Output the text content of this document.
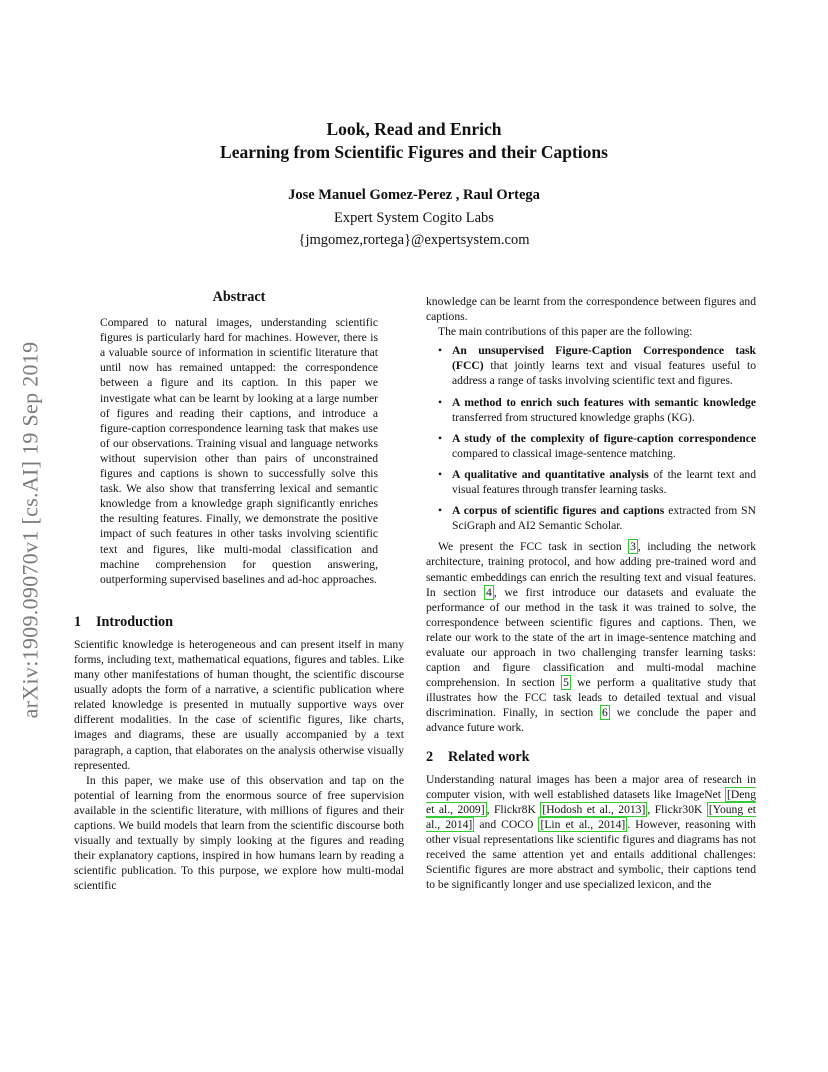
Look, Read and Enrich
Learning from Scientific Figures and their Captions
Jose Manuel Gomez-Perez , Raul Ortega
Expert System Cogito Labs
{jmgomez,rortega}@expertsystem.com
arXiv:1909.09070v1 [cs.AI] 19 Sep 2019
Abstract

Compared to natural images, understanding scientific figures is particularly hard for machines. However, there is a valuable source of information in scientific literature that until now has remained untapped: the correspondence between a figure and its caption. In this paper we investigate what can be learnt by looking at a large number of figures and reading their captions, and introduce a figure-caption correspondence learning task that makes use of our observations. Training visual and language networks without supervision other than pairs of unconstrained figures and captions is shown to successfully solve this task. We also show that transferring lexical and semantic knowledge from a knowledge graph significantly enriches the resulting features. Finally, we demonstrate the positive impact of such features in other tasks involving scientific text and figures, like multi-modal classification and machine comprehension for question answering, outperforming supervised baselines and ad-hoc approaches.

1 Introduction

Scientific knowledge is heterogeneous and can present itself in many forms, including text, mathematical equations, figures and tables. Like many other manifestations of human thought, the scientific discourse usually adopts the form of a narrative, a scientific publication where related knowledge is presented in mutually supportive ways over different modalities. In the case of scientific figures, like charts, images and diagrams, these are usually accompanied by a text paragraph, a caption, that elaborates on the analysis otherwise visually represented.

In this paper, we make use of this observation and tap on the potential of learning from the enormous source of free supervision available in the scientific literature, with millions of figures and their captions. We build models that learn from the scientific discourse both visually and textually by simply looking at the figures and reading their explanatory captions, inspired in how humans learn by reading a scientific publication. To this purpose, we explore how multi-modal scientific

knowledge can be learnt from the correspondence between figures and captions.

The main contributions of this paper are the following:

• An unsupervised Figure-Caption Correspondence task (FCC) that jointly learns text and visual features useful to address a range of tasks involving scientific text and figures.
• A method to enrich such features with semantic knowledge transferred from structured knowledge graphs (KG).
• A study of the complexity of figure-caption correspondence compared to classical image-sentence matching.
• A qualitative and quantitative analysis of the learnt text and visual features through transfer learning tasks.
• A corpus of scientific figures and captions extracted from SN SciGraph and AI2 Semantic Scholar.

We present the FCC task in section 3 , including the network architecture, training protocol, and how adding pre-trained word and semantic embeddings can enrich the resulting text and visual features. In section 4 , we first introduce our datasets and evaluate the performance of our method in the task it was trained to solve, the correspondence between scientific figures and captions. Then, we relate our work to the state of the art in image-sentence matching and evaluate our approach in two challenging transfer learning tasks: caption and figure classification and multi-modal machine comprehension. In section 5 we perform a qualitative study that illustrates how the FCC task leads to detailed textual and visual discrimination. Finally, in section 6 we conclude the paper and advance future work.

2 Related work

Understanding natural images has been a major area of research in computer vision, with well established datasets like ImageNet [Deng et al., 2009] , Flickr8K [Hodosh et al., 2013] , Flickr30K [Young et al., 2014] and COCO [Lin et al., 2014] . However, reasoning with other visual representations like scientific figures and diagrams has not received the same attention yet and entails additional challenges: Scientific figures are more abstract and symbolic, their captions tend to be significantly longer and use specialized lexicon, and the
